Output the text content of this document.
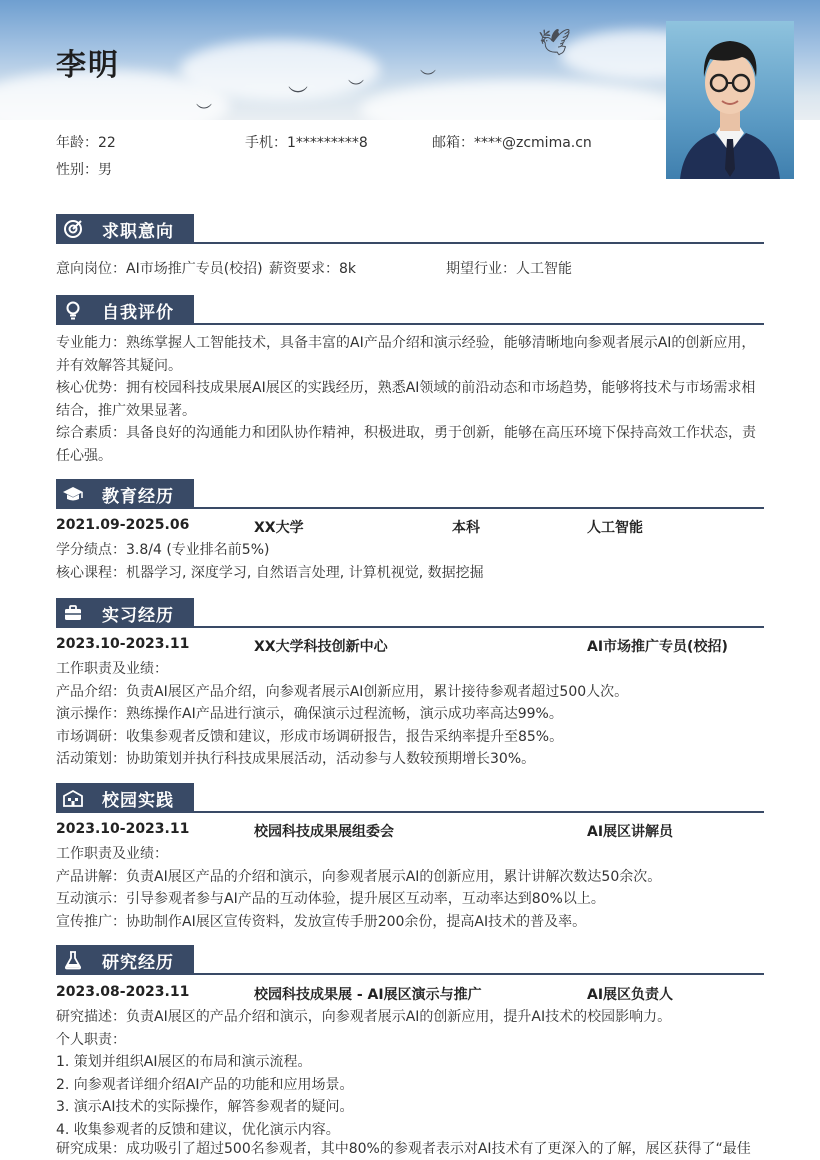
🕊
︶
︶
︶
︶
李明
年龄：22	手机：1*********8	邮箱：****@zcmima.cn
性别：男
求职意向
意向岗位：AI市场推广专员(校招) 薪资要求：8k	期望行业：人工智能
自我评价
专业能力：熟练掌握人工智能技术，具备丰富的AI产品介绍和演示经验，能够清晰地向参观者展示AI的创新应用，
并有效解答其疑问。
核心优势：拥有校园科技成果展AI展区的实践经历，熟悉AI领域的前沿动态和市场趋势，能够将技术与市场需求相
结合，推广效果显著。
综合素质：具备良好的沟通能力和团队协作精神，积极进取，勇于创新，能够在高压环境下保持高效工作状态，责
任心强。
教育经历
2021.09-2025.06	XX大学	本科	人工智能
学分绩点：3.8/4 (专业排名前5%)
核心课程：机器学习, 深度学习, 自然语言处理, 计算机视觉, 数据挖掘
实习经历
2023.10-2023.11	XX大学科技创新中心	AI市场推广专员(校招)
工作职责及业绩：
产品介绍：负责AI展区产品介绍，向参观者展示AI创新应用，累计接待参观者超过500人次。
演示操作：熟练操作AI产品进行演示，确保演示过程流畅，演示成功率高达99%。
市场调研：收集参观者反馈和建议，形成市场调研报告，报告采纳率提升至85%。
活动策划：协助策划并执行科技成果展活动，活动参与人数较预期增长30%。
校园实践
2023.10-2023.11	校园科技成果展组委会	AI展区讲解员
工作职责及业绩：
产品讲解：负责AI展区产品的介绍和演示，向参观者展示AI的创新应用，累计讲解次数达50余次。
互动演示：引导参观者参与AI产品的互动体验，提升展区互动率，互动率达到80%以上。
宣传推广：协助制作AI展区宣传资料，发放宣传手册200余份，提高AI技术的普及率。
研究经历
2023.08-2023.11	校园科技成果展 - AI展区演示与推广	AI展区负责人
研究描述：负责AI展区的产品介绍和演示，向参观者展示AI的创新应用，提升AI技术的校园影响力。
个人职责：
1. 策划并组织AI展区的布局和演示流程。
2. 向参观者详细介绍AI产品的功能和应用场景。
3. 演示AI技术的实际操作，解答参观者的疑问。
4. 收集参观者的反馈和建议，优化演示内容。
研究成果：成功吸引了超过500名参观者，其中80%的参观者表示对AI技术有了更深入的了解，展区获得了“最佳
